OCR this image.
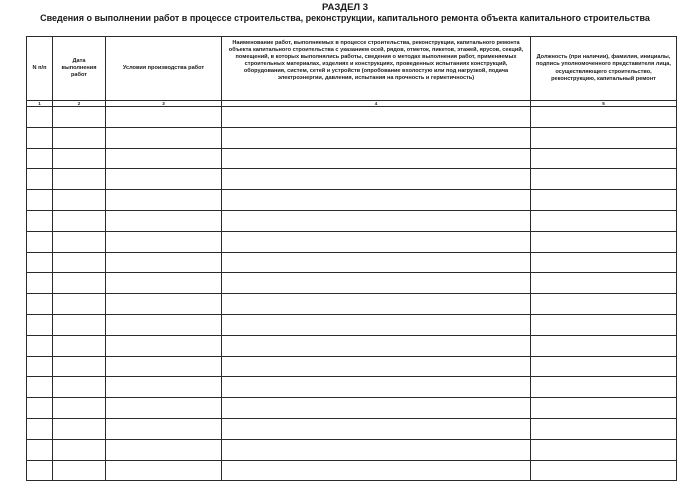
РАЗДЕЛ 3
Сведения о выполнении работ в процессе строительства, реконструкции, капитального ремонта объекта капитального строительства
N п/п	Дата выполнения работ	Условия производства работ	Наименование работ, выполняемых в процессе строительства, реконструкции, капитального ремонта объекта капитального строительства с указанием осей, рядов, отметок, пикетов, этажей, ярусов, секций, помещений, в которых выполнялись работы, сведения о методах выполнения работ, применяемых строительных материалах, изделиях и конструкциях, проведенных испытаниях конструкций, оборудования, систем, сетей и устройств (опробование вхолостую или под нагрузкой, подача электроэнергии, давления, испытания на прочность и герметичность)	Должность (при наличии), фамилия, инициалы, подпись уполномоченного представителя лица, осуществляющего строительство, реконструкцию, капитальный ремонт
1	2	3	4	5
